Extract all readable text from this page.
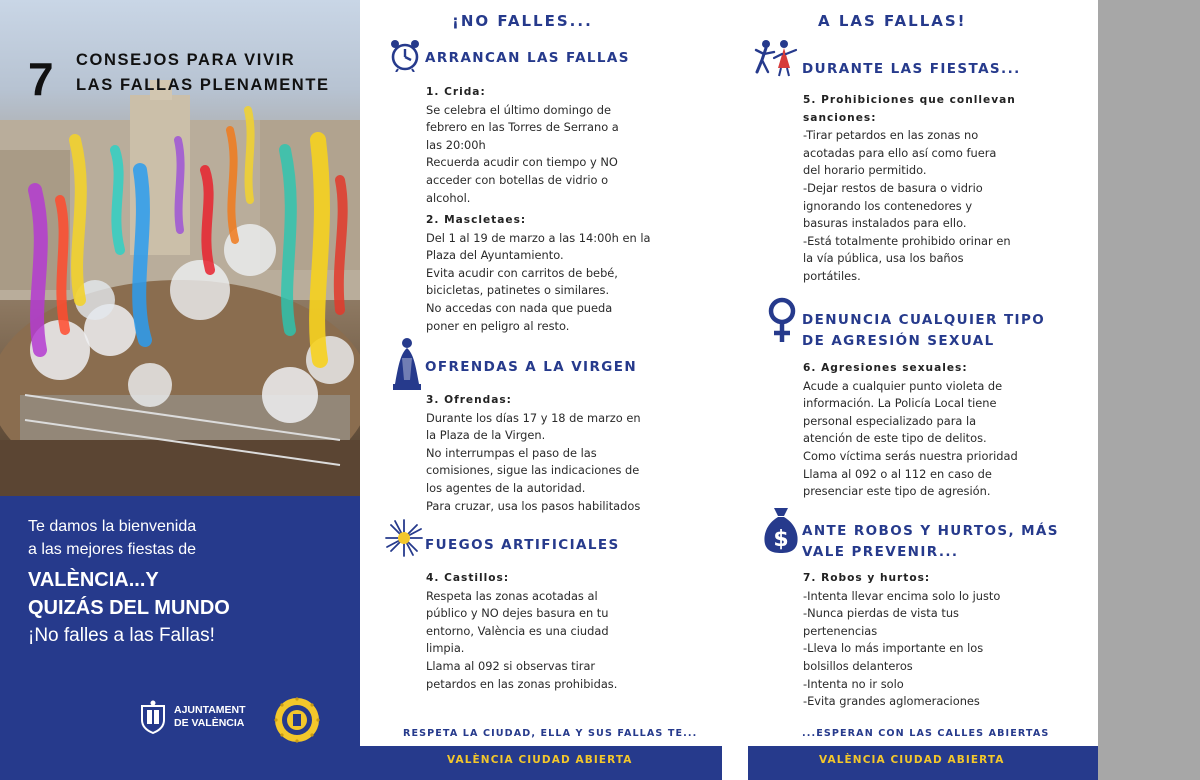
7 CONSEJOS PARA VIVIR
LAS FALLAS PLENAMENTE
Te damos la bienvenida
a las mejores fiestas de
VALÈNCIA...Y
QUIZÁS DEL MUNDO
¡No falles a las Fallas!
AJUNTAMENT
DE VALÈNCIA
¡NO FALLES...
ARRANCAN LAS FALLAS
1. Crida:
Se celebra el último domingo de
febrero en las Torres de Serrano a
las 20:00h
Recuerda acudir con tiempo y NO
acceder con botellas de vidrio o
alcohol.
2. Mascletaes:
Del 1 al 19 de marzo a las 14:00h en la
Plaza del Ayuntamiento.
Evita acudir con carritos de bebé,
bicicletas, patinetes o similares.
No accedas con nada que pueda
poner en peligro al resto.
OFRENDAS A LA VIRGEN
3. Ofrendas:
Durante los días 17 y 18 de marzo en
la Plaza de la Virgen.
No interrumpas el paso de las
comisiones, sigue las indicaciones de
los agentes de la autoridad.
Para cruzar, usa los pasos habilitados
FUEGOS ARTIFICIALES
4. Castillos:
Respeta las zonas acotadas al
público y NO dejes basura en tu
entorno, València es una ciudad
limpia.
Llama al 092 si observas tirar
petardos en las zonas prohibidas.
RESPETA LA CIUDAD, ELLA Y SUS FALLAS TE...
A LAS FALLAS!
DURANTE LAS FIESTAS...
5. Prohibiciones que conllevan
sanciones:
-Tirar petardos en las zonas no
acotadas para ello así como fuera
del horario permitido.
-Dejar restos de basura o vidrio
ignorando los contenedores y
basuras instalados para ello.
-Está totalmente prohibido orinar en
la vía pública, usa los baños
portátiles.
DENUNCIA CUALQUIER TIPO
DE AGRESIÓN SEXUAL
6. Agresiones sexuales:
Acude a cualquier punto violeta de
información. La Policía Local tiene
personal especializado para la
atención de este tipo de delitos.
Como víctima serás nuestra prioridad
Llama al 092 o al 112 en caso de
presenciar este tipo de agresión.
$ ANTE ROBOS Y HURTOS, MÁS
VALE PREVENIR...
7. Robos y hurtos:
-Intenta llevar encima solo lo justo
-Nunca pierdas de vista tus
pertenencias
-Lleva lo más importante en los
bolsillos delanteros
-Intenta no ir solo
-Evita grandes aglomeraciones
...ESPERAN CON LAS CALLES ABIERTAS
VALÈNCIA CIUDAD ABIERTA	VALÈNCIA CIUDAD ABIERTA
